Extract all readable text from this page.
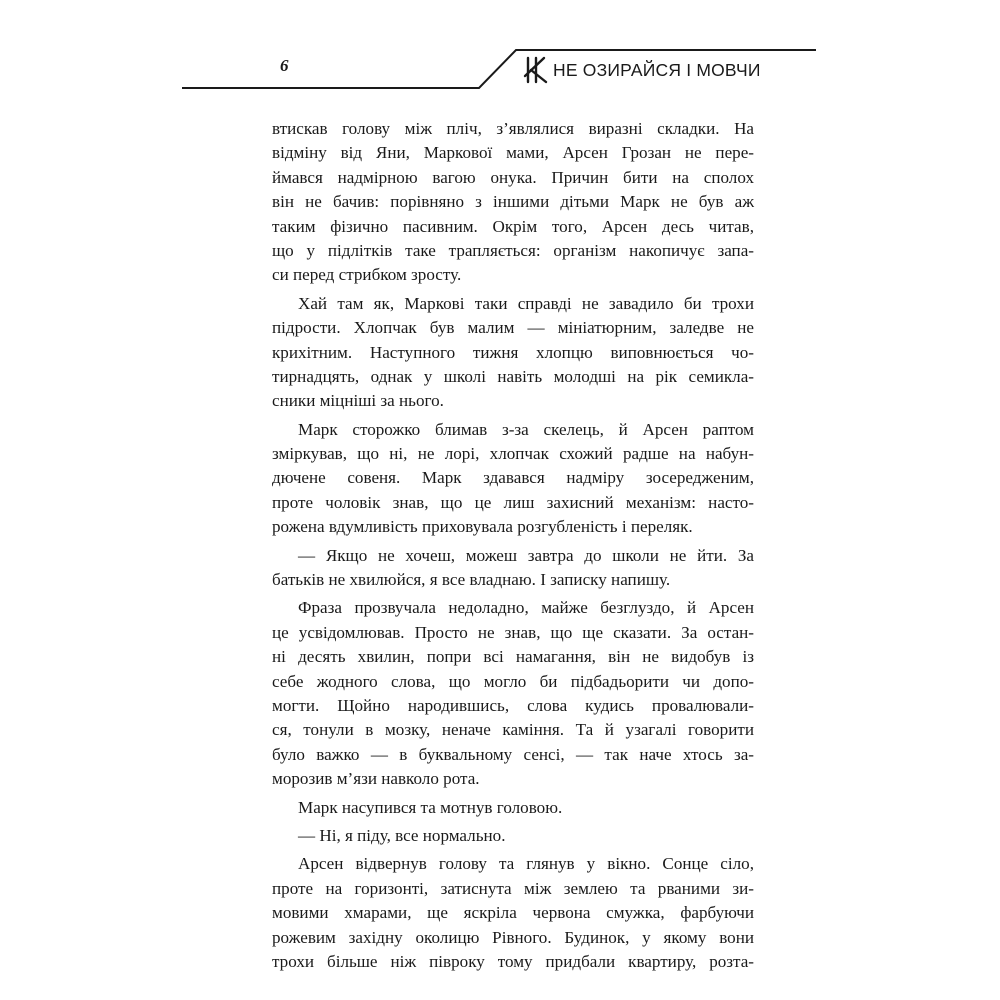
6	НЕ ОЗИРАЙСЯ І МОВЧИ
втискав голову між пліч, з’являлися виразні складки. На
відміну від Яни, Маркової мами, Арсен Грозан не пере-
ймався надмірною вагою онука. Причин бити на сполох
він не бачив: порівняно з іншими дітьми Марк не був аж
таким фізично пасивним. Окрім того, Арсен десь читав,
що у підлітків таке трапляється: організм накопичує запа-
си перед стрибком зросту.
Хай там як, Маркові таки справді не завадило би трохи
підрости. Хлопчак був малим — мініатюрним, заледве не
крихітним. Наступного тижня хлопцю виповнюється чо-
тирнадцять, однак у школі навіть молодші на рік семикла-
сники міцніші за нього.
Марк сторожко блимав з-за скелець, й Арсен раптом
зміркував, що ні, не лорі, хлопчак схожий радше на набун-
дючене совеня. Марк здавався надміру зосередженим,
проте чоловік знав, що це лиш захисний механізм: насто-
рожена вдумливість приховувала розгубленість і переляк.
— Якщо не хочеш, можеш завтра до школи не йти. За
батьків не хвилюйся, я все владнаю. І записку напишу.
Фраза прозвучала недоладно, майже безглуздо, й Арсен
це усвідомлював. Просто не знав, що ще сказати. За остан-
ні десять хвилин, попри всі намагання, він не видобув із
себе жодного слова, що могло би підбадьорити чи допо-
могти. Щойно народившись, слова кудись провалювали-
ся, тонули в мозку, неначе каміння. Та й узагалі говорити
було важко — в буквальному сенсі, — так наче хтось за-
морозив м’язи навколо рота.
Марк насупився та мотнув головою.
— Ні, я піду, все нормально.
Арсен відвернув голову та глянув у вікно. Сонце сіло,
проте на горизонті, затиснута між землею та рваними зи-
мовими хмарами, ще яскріла червона смужка, фарбуючи
рожевим західну околицю Рівного. Будинок, у якому вони
трохи більше ніж півроку тому придбали квартиру, розта-
